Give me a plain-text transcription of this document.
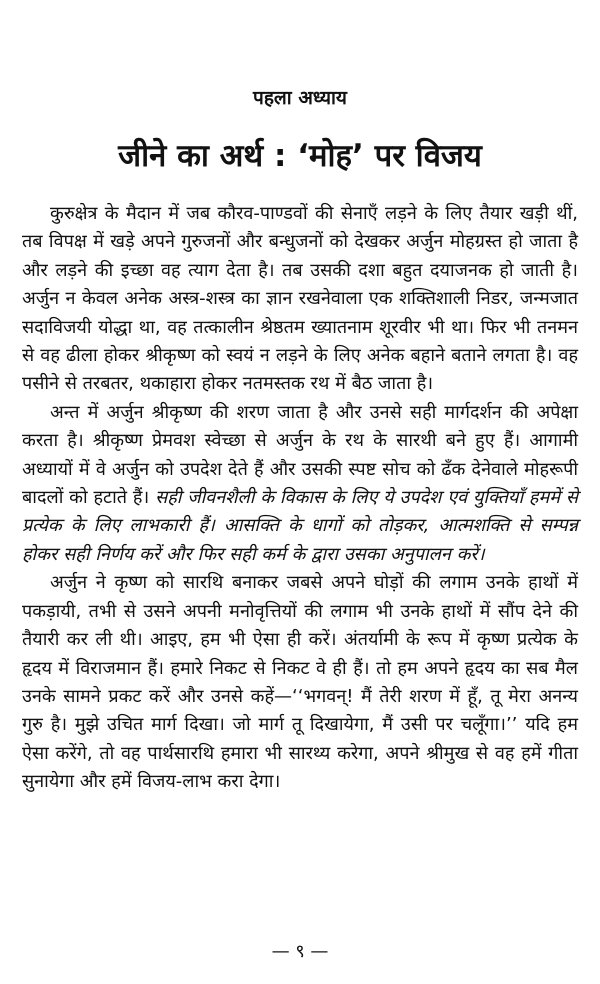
पहला अध्याय
जीने का अर्थ : ‘मोह’ पर विजय

कुरुक्षेत्र के मैदान में जब कौरव-पाण्डवों की सेनाएँ लड़ने के लिए तैयार खड़ी थीं, तब विपक्ष में खड़े अपने गुरुजनों और बन्धुजनों को देखकर अर्जुन मोहग्रस्त हो जाता है और लड़ने की इच्छा वह त्याग देता है। तब उसकी दशा बहुत दयाजनक हो जाती है। अर्जुन न केवल अनेक अस्त्र-शस्त्र का ज्ञान रखनेवाला एक शक्तिशाली निडर, जन्मजात सदाविजयी योद्धा था, वह तत्कालीन श्रेष्ठतम ख्यातनाम शूरवीर भी था। फिर भी तनमन से वह ढीला होकर श्रीकृष्ण को स्वयं न लड़ने के लिए अनेक बहाने बताने लगता है। वह पसीने से तरबतर, थकाहारा होकर नतमस्तक रथ में बैठ जाता है।

अन्त में अर्जुन श्रीकृष्ण की शरण जाता है और उनसे सही मार्गदर्शन की अपेक्षा करता है। श्रीकृष्ण प्रेमवश स्वेच्छा से अर्जुन के रथ के सारथी बने हुए हैं। आगामी अध्यायों में वे अर्जुन को उपदेश देते हैं और उसकी स्पष्ट सोच को ढँक देनेवाले मोहरूपी बादलों को हटाते हैं। सही जीवनशैली के विकास के लिए ये उपदेश एवं युक्तियाँ हममें से प्रत्येक के लिए लाभकारी हैं। आसक्ति के धागों को तोड़कर, आत्मशक्ति से सम्पन्न होकर सही निर्णय करें और फिर सही कर्म के द्वारा उसका अनुपालन करें।

अर्जुन ने कृष्ण को सारथि बनाकर जबसे अपने घोड़ों की लगाम उनके हाथों में पकड़ायी, तभी से उसने अपनी मनोवृत्तियों की लगाम भी उनके हाथों में सौंप देने की तैयारी कर ली थी। आइए, हम भी ऐसा ही करें। अंतर्यामी के रूप में कृष्ण प्रत्येक के हृदय में विराजमान हैं। हमारे निकट से निकट वे ही हैं। तो हम अपने हृदय का सब मैल उनके सामने प्रकट करें और उनसे कहें—‘‘भगवन्! मैं तेरी शरण में हूँ, तू मेरा अनन्य गुरु है। मुझे उचित मार्ग दिखा। जो मार्ग तू दिखायेगा, मैं उसी पर चलूँगा।’’ यदि हम ऐसा करेंगे, तो वह पार्थसारथि हमारा भी सारथ्य करेगा, अपने श्रीमुख से वह हमें गीता सुनायेगा और हमें विजय-लाभ करा देगा।

— ९ —
